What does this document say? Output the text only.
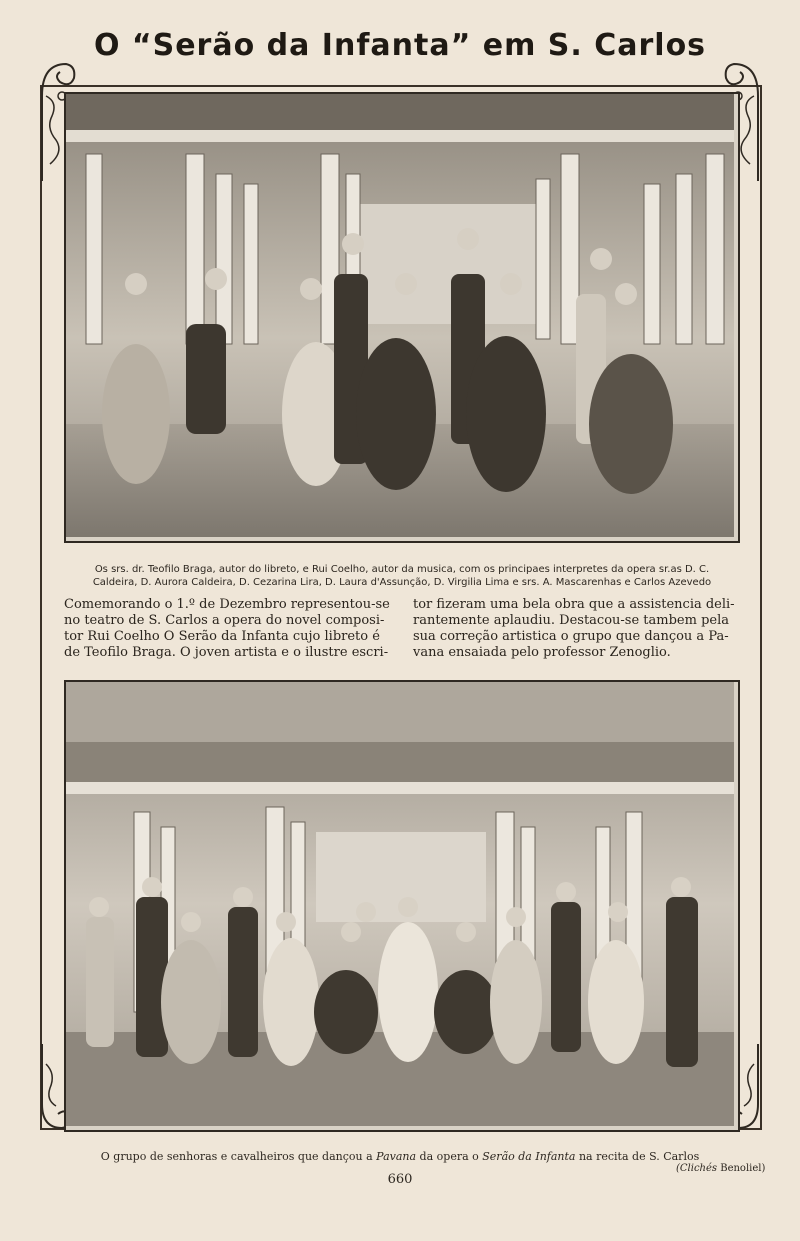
O “Serão da Infanta” em S. Carlos
Os srs. dr. Teofilo Braga, autor do libreto, e Rui Coelho, autor da musica, com os principaes interpretes da opera sr.as D. C.
Caldeira, D. Aurora Caldeira, D. Cezarina Lira, D. Laura d'Assunção, D. Virgilia Lima e srs. A. Mascarenhas e Carlos Azevedo
Comemorando o 1.º de Dezembro representou-se
no teatro de S. Carlos a opera do novel composi-
tor Rui Coelho O Serão da Infanta cujo libreto é
de Teofilo Braga. O joven artista e o ilustre escri-
tor fizeram uma bela obra que a assistencia deli-
rantemente aplaudiu. Destacou-se tambem pela
sua correção artistica o grupo que dançou a Pa-
vana ensaiada pelo professor Zenoglio.
O grupo de senhoras e cavalheiros que dançou a Pavana da opera o Serão da Infanta na recita de S. Carlos
(Clichés Benoliel)
660
